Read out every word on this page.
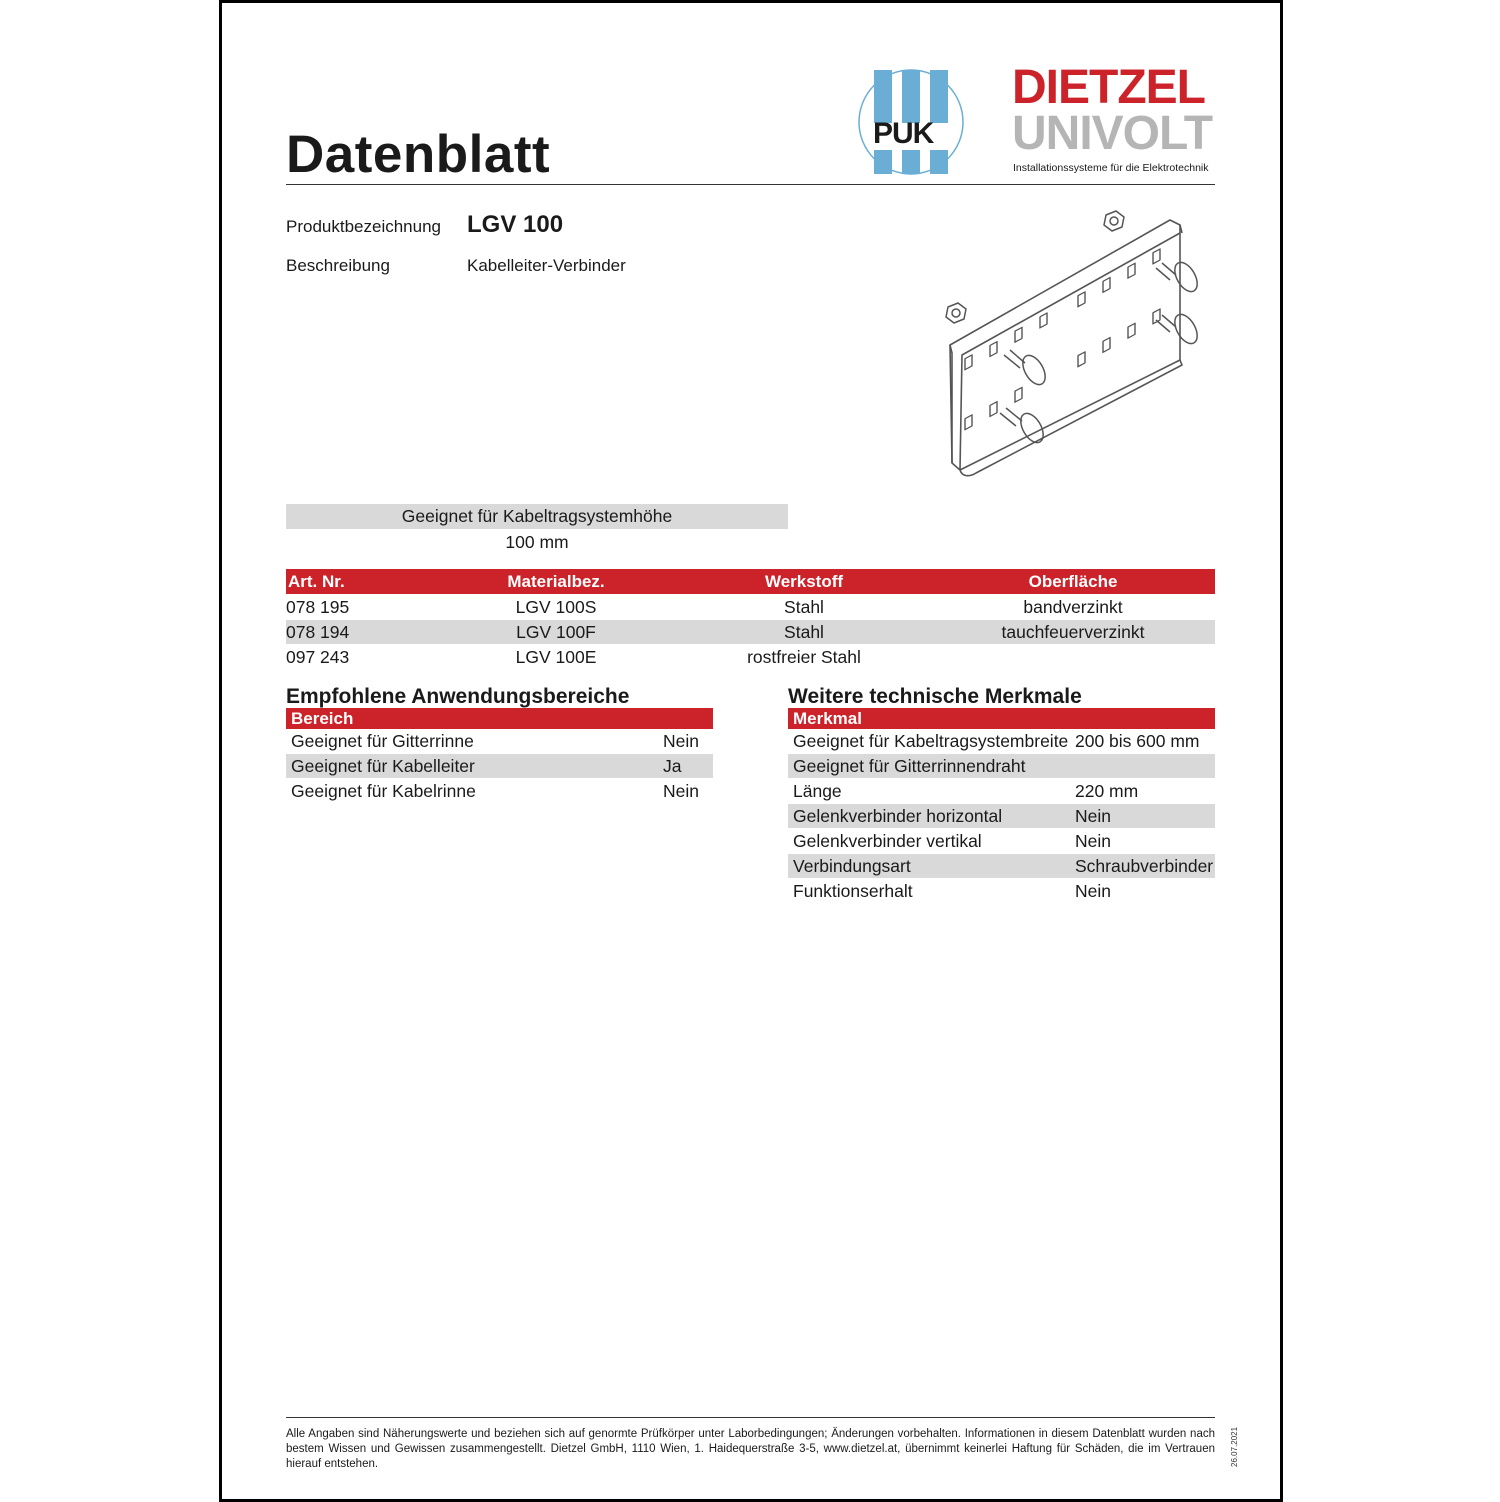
Datenblatt	PUK
DIETZEL
UNIVOLT
Installationssysteme für die Elektrotechnik
Produktbezeichnung LGV 100
Beschreibung	Kabelleiter-Verbinder
Geeignet für Kabeltragsystemhöhe
100 mm
Art. Nr.	Materialbez.	Werkstoff	Oberfläche
078 195	LGV 100S	Stahl	bandverzinkt
078 194	LGV 100F	Stahl	tauchfeuerverzinkt
097 243	LGV 100E	rostfreier Stahl
Empfohlene Anwendungsbereiche
Bereich
Geeignet für Gitterrinne	Nein
Geeignet für Kabelleiter	Ja
Geeignet für Kabelrinne	Nein
Weitere technische Merkmale
Merkmal
Geeignet für Kabeltragsystembreite 200 bis 600 mm
Geeignet für Gitterrinnendraht
Länge	220 mm
Gelenkverbinder horizontal	Nein
Gelenkverbinder vertikal	Nein
Verbindungsart	Schraubverbinder
Funktionserhalt	Nein
Alle Angaben sind Näherungswerte und beziehen sich auf genormte Prüfkörper unter Laborbedingungen; Änderungen vorbehalten. Informationen in diesem Datenblatt wurden nach bestem Wissen und Gewissen zusammengestellt. Dietzel GmbH, 1110 Wien, 1. Haidequerstraße 3-5, www.dietzel.at, übernimmt keinerlei Haftung für Schäden, die im Vertrauen hierauf entstehen.	26.07.2021
